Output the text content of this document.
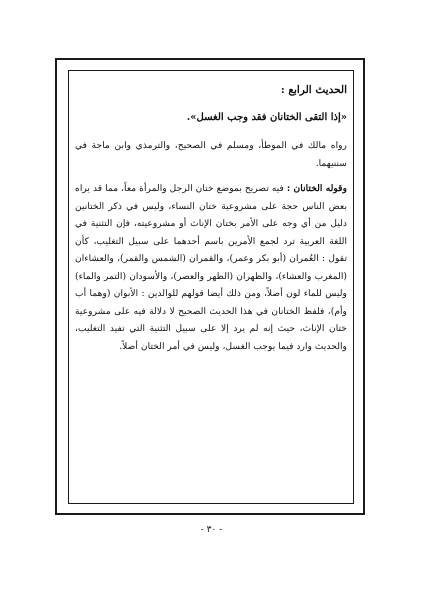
الحديث الرابع :
«إذا التقى الختانان فقد وجب الغسل».

رواه مالك في الموطأ، ومسلم في الصحيح، والترمذي وابن ماجة في سننيهما.

وقوله الختانان : فيه تصريح بموضع ختان الرجل والمرأة معاً، مما قد يراه بعض الناس حجة على مشروعية ختان النساء، وليس في ذكر الختانين دليل من أي وجه على الأمر بختان الإناث أو مشروعيته، فإن التثنية في اللغة العربية ترد لجمع الأمرين باسم أحدهما على سبيل التغليب، كأن تقول : العُمران (أبو بكر وعمر)، والقمران (الشمس والقمر)، والعشاءان (المغرب والعشاء)، والظهران (الظهر والعصر)، والأسودان (التمر والماء) وليس للماء لون أصلاً، ومن ذلك أيضا قولهم للوالدين : الأبوان (وهما أب وأم)، فلفظ الختانان في هذا الحديث الصحيح لا دلالة فيه على مشروعية ختان الإناث، حيث إنه لم يرد إلا على سبيل التثنية التي تفيد التغليب، والحديث وارد فيما يوجب الغسل، وليس في أمر الختان أصلاً.

- ٣٠ -
